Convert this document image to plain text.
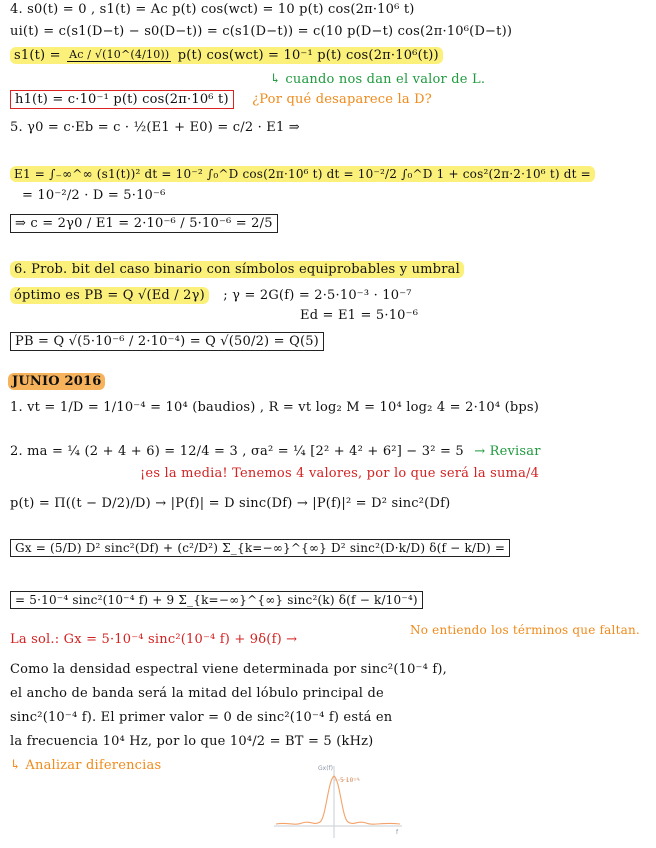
4. s0(t) = 0 , s1(t) = Ac p(t) cos(wct) = 10 p(t) cos(2π·10⁶ t)
ui(t) = c(s1(D−t) − s0(D−t)) = c(s1(D−t)) = c(10 p(D−t) cos(2π·10⁶(D−t))
s1(t) = Ac / √(10^(4/10)) p(t) cos(wct) = 10⁻¹ p(t) cos(2π·10⁶(t))
↳ cuando nos dan el valor de L.
h1(t) = c·10⁻¹ p(t) cos(2π·10⁶ t) ¿Por qué desaparece la D?
5. γ0 = c·Eb = c · ½(E1 + E0) = c/2 · E1 ⇒
E1 = ∫₋∞^∞ (s1(t))² dt = 10⁻² ∫₀^D cos(2π·10⁶ t) dt = 10⁻²/2 ∫₀^D 1 + cos²(2π·2·10⁶ t) dt =
= 10⁻²/2 · D = 5·10⁻⁶
⇒ c = 2γ0 / E1 = 2·10⁻⁶ / 5·10⁻⁶ = 2/5
6. Prob. bit del caso binario con símbolos equiprobables y umbral
óptimo es PB = Q √(Ed / 2γ) ; γ = 2G(f) = 2·5·10⁻³ · 10⁻⁷
Ed = E1 = 5·10⁻⁶
PB = Q √(5·10⁻⁶ / 2·10⁻⁴) = Q √(50/2) = Q(5)
JUNIO 2016
1. vt = 1/D = 1/10⁻⁴ = 10⁴ (baudios) , R = vt log₂ M = 10⁴ log₂ 4 = 2·10⁴ (bps)
2. ma = ¼ (2 + 4 + 6) = 12/4 = 3 , σa² = ¼ [2² + 4² + 6²] − 3² = 5 → Revisar
¡es la media! Tenemos 4 valores, por lo que será la suma/4
p(t) = Π((t − D/2)/D) → |P(f)| = D sinc(Df) → |P(f)|² = D² sinc²(Df)
Gx = (5/D) D² sinc²(Df) + (c²/D²) Σ_{k=−∞}^{∞} D² sinc²(D·k/D) δ(f − k/D) =
= 5·10⁻⁴ sinc²(10⁻⁴ f) + 9 Σ_{k=−∞}^{∞} sinc²(k) δ(f − k/10⁻⁴)
La sol.: Gx = 5·10⁻⁴ sinc²(10⁻⁴ f) + 9δ(f) →
No entiendo los términos que faltan.
Como la densidad espectral viene determinada por sinc²(10⁻⁴ f),
el ancho de banda será la mitad del lóbulo principal de
sinc²(10⁻⁴ f). El primer valor = 0 de sinc²(10⁻⁴ f) está en
la frecuencia 10⁴ Hz, por lo que 10⁴/2 = BT = 5 (kHz)
↳ Analizar diferencias	Gx(f)
5·10⁻⁴
f
